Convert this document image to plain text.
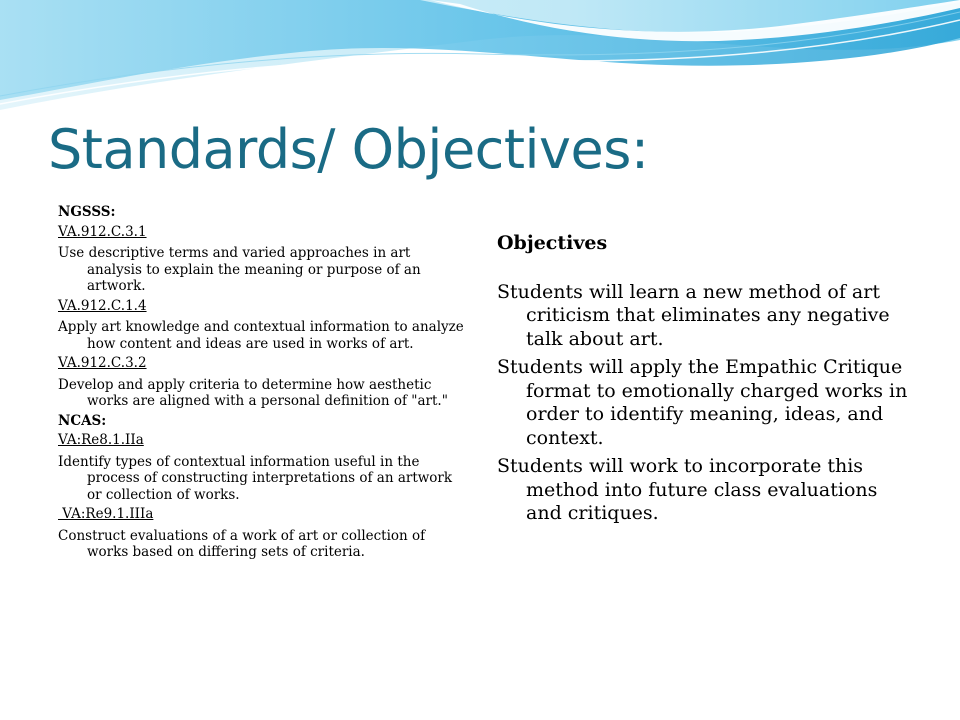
Standards/ Objectives:
NGSSS:
VA.912.C.3.1
Use descriptive terms and varied approaches in art analysis to explain the meaning or purpose of an artwork.
VA.912.C.1.4
Apply art knowledge and contextual information to analyze how content and ideas are used in works of art.
VA.912.C.3.2
Develop and apply criteria to determine how aesthetic works are aligned with a personal definition of "art."
NCAS:
VA:Re8.1.IIa
Identify types of contextual information useful in the process of constructing interpretations of an artwork or collection of works.
VA:Re9.1.IIIa
Construct evaluations of a work of art or collection of works based on differing sets of criteria.
Objectives
Students will learn a new method of art criticism that eliminates any negative talk about art.
Students will apply the Empathic Critique format to emotionally charged works in order to identify meaning, ideas, and context.
Students will work to incorporate this method into future class evaluations and critiques.
